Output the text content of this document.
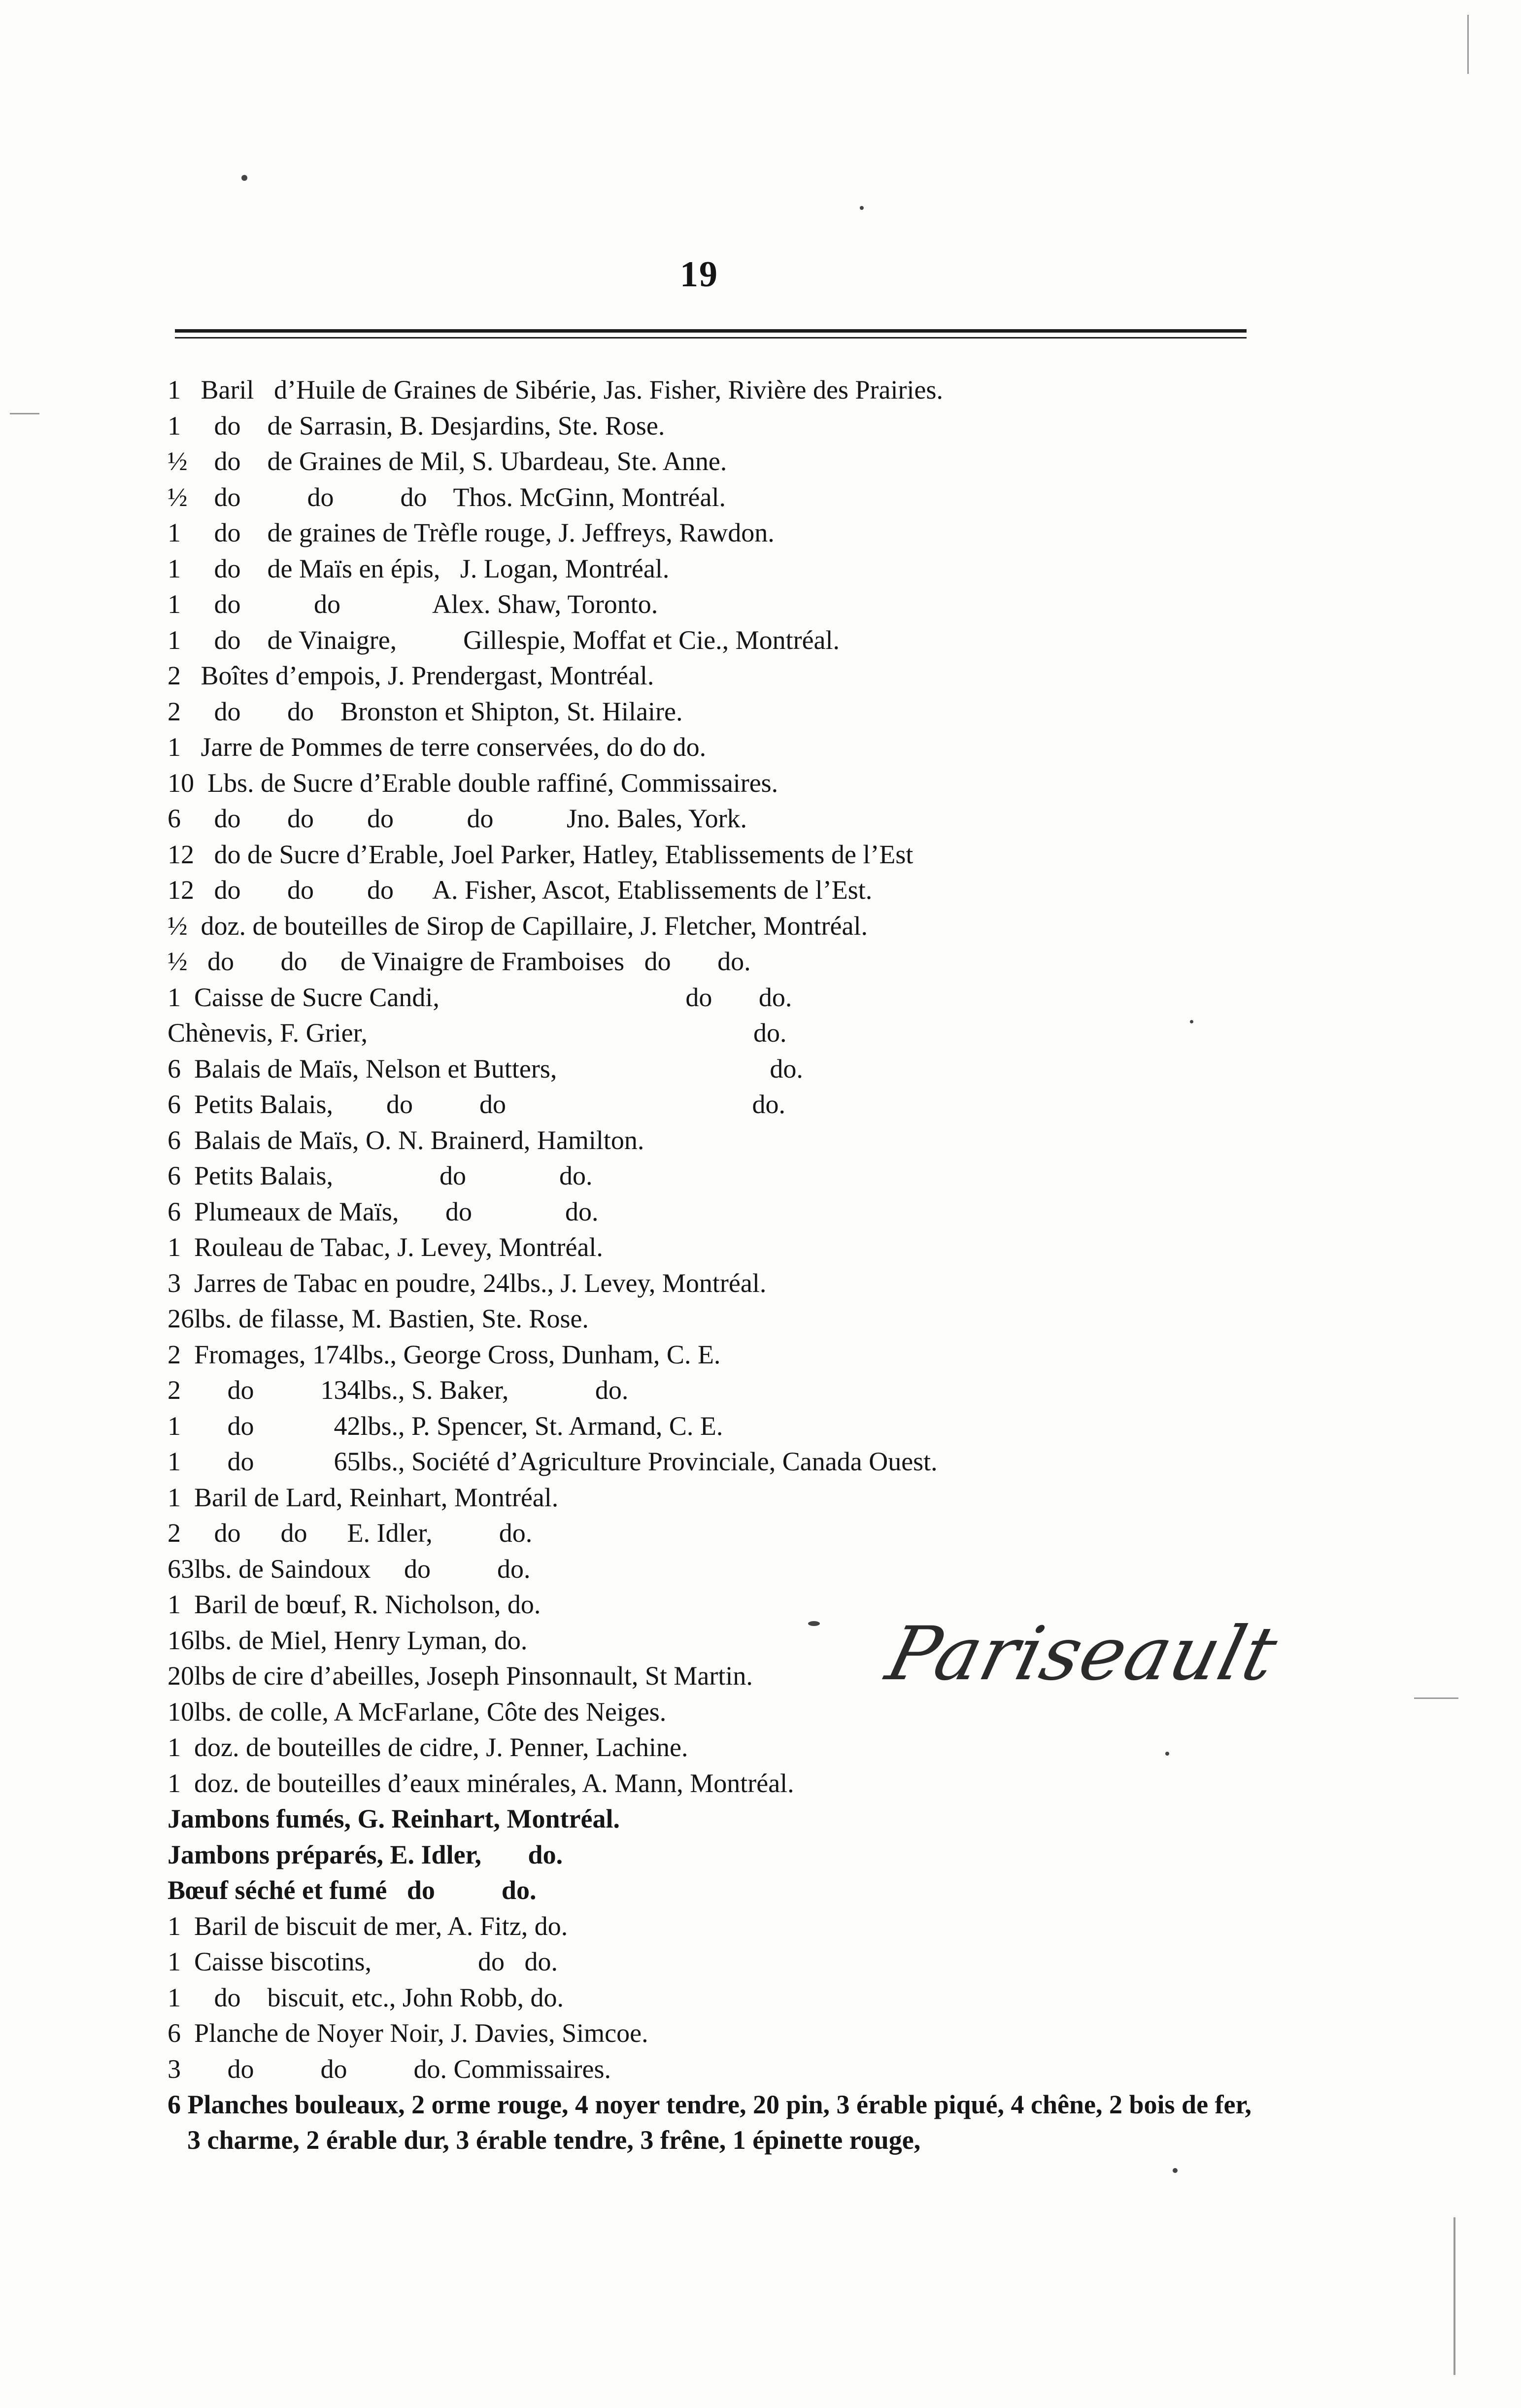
19
1   Baril   d’Huile de Graines de Sibérie, Jas. Fisher, Rivière des Prairies.
1     do    de Sarrasin, B. Desjardins, Ste. Rose.
½    do    de Graines de Mil, S. Ubardeau, Ste. Anne.
½    do          do          do    Thos. McGinn, Montréal.
1     do    de graines de Trèfle rouge, J. Jeffreys, Rawdon.
1     do    de Maïs en épis,   J. Logan, Montréal.
1     do           do              Alex. Shaw, Toronto.
1     do    de Vinaigre,          Gillespie, Moffat et Cie., Montréal.
2   Boîtes d’empois, J. Prendergast, Montréal.
2     do       do    Bronston et Shipton, St. Hilaire.
1   Jarre de Pommes de terre conservées, do do do.
10  Lbs. de Sucre d’Erable double raffiné, Commissaires.
6     do       do        do           do           Jno. Bales, York.
12   do de Sucre d’Erable, Joel Parker, Hatley, Etablissements de l’Est
12   do       do        do      A. Fisher, Ascot, Etablissements de l’Est.
½  doz. de bouteilles de Sirop de Capillaire, J. Fletcher, Montréal.
½   do       do     de Vinaigre de Framboises   do       do.
1  Caisse de Sucre Candi,                                     do       do.
Chènevis, F. Grier,                                                          do.
6  Balais de Maïs, Nelson et Butters,                                do.
6  Petits Balais,        do          do                                     do.
6  Balais de Maïs, O. N. Brainerd, Hamilton.
6  Petits Balais,                do              do.
6  Plumeaux de Maïs,       do              do.
1  Rouleau de Tabac, J. Levey, Montréal.
3  Jarres de Tabac en poudre, 24lbs., J. Levey, Montréal.
26lbs. de filasse, M. Bastien, Ste. Rose.
2  Fromages, 174lbs., George Cross, Dunham, C. E.
2       do          134lbs., S. Baker,             do.
1       do            42lbs., P. Spencer, St. Armand, C. E.
1       do            65lbs., Société d’Agriculture Provinciale, Canada Ouest.
1  Baril de Lard, Reinhart, Montréal.
2     do      do      E. Idler,          do.
63lbs. de Saindoux     do          do.
1  Baril de bœuf, R. Nicholson, do.
16lbs. de Miel, Henry Lyman, do.
20lbs de cire d’abeilles, Joseph Pinsonnault, St Martin.
10lbs. de colle, A McFarlane, Côte des Neiges.
1  doz. de bouteilles de cidre, J. Penner, Lachine.
1  doz. de bouteilles d’eaux minérales, A. Mann, Montréal.
Jambons fumés, G. Reinhart, Montréal.
Jambons préparés, E. Idler,       do.
Bœuf séché et fumé   do          do.
1  Baril de biscuit de mer, A. Fitz, do.
1  Caisse biscotins,                do   do.
1     do    biscuit, etc., John Robb, do.
6  Planche de Noyer Noir, J. Davies, Simcoe.
3       do          do          do. Commissaires.
6 Planches bouleaux, 2 orme rouge, 4 noyer tendre, 20 pin, 3 érable piqué, 4 chêne, 2 bois de fer, 3 charme, 2 érable dur, 3 érable tendre, 3 frêne, 1 épinette rouge,
Pariseault
